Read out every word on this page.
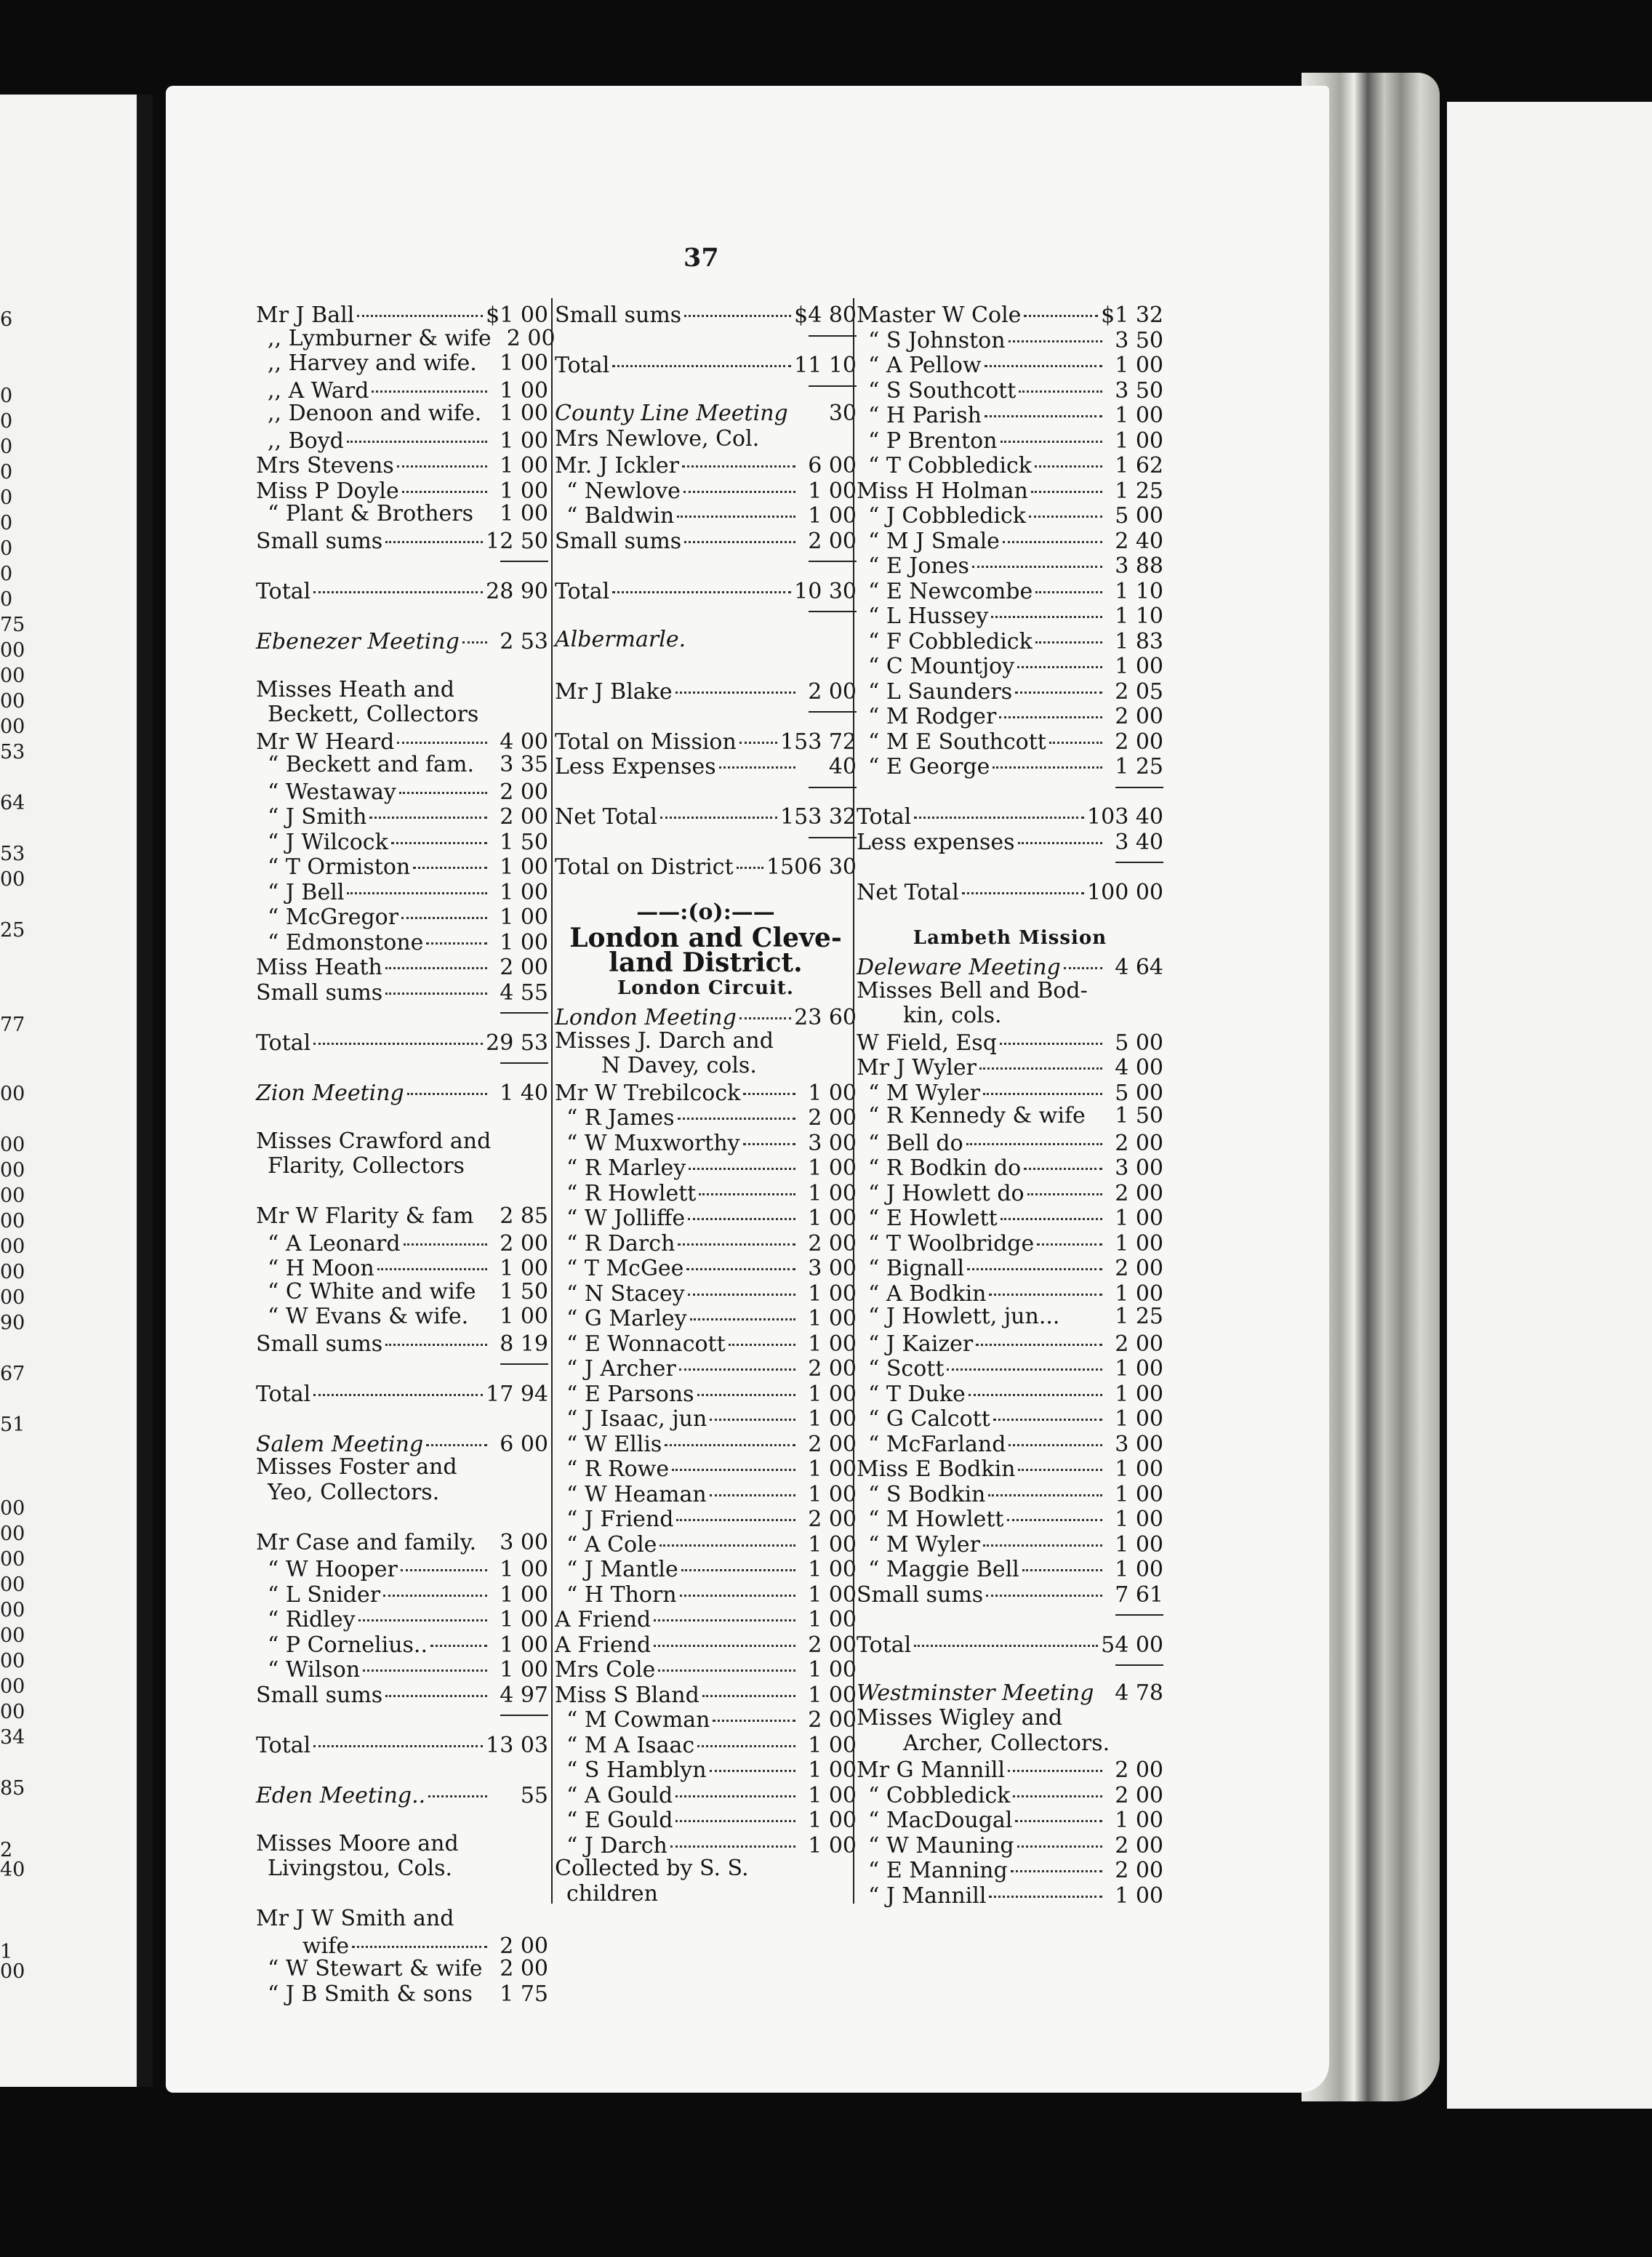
6
0
0
0
0
0
0
0
0
0
75
00
00
00
00
53
64
53
00
25
77
00
00
00
00
00
00
00
00
90
67
51
00
00
00
00
00
00
00
00
00
34
85
2 40
1 00
37
Mr J Ball	$1 00
,, Lymburner & wife 2 00
,, Harvey and wife.	1 00
,, A Ward	1 00
,, Denoon and wife. 1 00
,, Boyd	1 00
Mrs Stevens	1 00
Miss P Doyle	1 00
“ Plant & Brothers	1 00
Small sums	12 50
Total	28 90
Ebenezer Meeting	2 53
Misses Heath and
Beckett, Collectors
Mr W Heard	4 00
“ Beckett and fam.	3 35
“ Westaway	2 00
“ J Smith	2 00
“ J Wilcock	1 50
“ T Ormiston	1 00
“ J Bell	1 00
“ McGregor	1 00
“ Edmonstone	1 00
Miss Heath	2 00
Small sums	4 55
Total	29 53
Zion Meeting	1 40
Misses Crawford and
Flarity, Collectors
Mr W Flarity & fam	2 85
“ A Leonard	2 00
“ H Moon	1 00
“ C White and wife	1 50
“ W Evans & wife.	1 00
Small sums	8 19
Total	17 94
Salem Meeting	6 00
Misses Foster and
Yeo, Collectors.
Mr Case and family.	3 00
“ W Hooper	1 00
“ L Snider	1 00
“ Ridley	1 00
“ P Cornelius..	1 00
“ Wilson	1 00
Small sums	4 97
Total	13 03
Eden Meeting..	55
Misses Moore and
Livingstou, Cols.
Mr J W Smith and
wife	2 00
“ W Stewart & wife 2 00
“ J B Smith & sons	1 75
Small sums	$4 80
Total	11 10
County Line Meeting	30
Mrs Newlove, Col.
Mr. J Ickler	6 00
“ Newlove	1 00
“ Baldwin	1 00
Small sums	2 00
Total	10 30
Albermarle.
Mr J Blake	2 00
Total on Mission 153 72
Less Expenses	40
Net Total	153 32
Total on District 1506 30
——:(o):——
London and Cleve-
land District.
London Circuit.
London Meeting	23 60
Misses J. Darch and
N Davey, cols.
Mr W Trebilcock	1 00
“ R James	2 00
“ W Muxworthy	3 00
“ R Marley	1 00
“ R Howlett	1 00
“ W Jolliffe	1 00
“ R Darch	2 00
“ T McGee	3 00
“ N Stacey	1 00
“ G Marley	1 00
“ E Wonnacott	1 00
“ J Archer	2 00
“ E Parsons	1 00
“ J Isaac, jun	1 00
“ W Ellis	2 00
“ R Rowe	1 00
“ W Heaman	1 00
“ J Friend	2 00
“ A Cole	1 00
“ J Mantle	1 00
“ H Thorn	1 00
A Friend	1 00
A Friend	2 00
Mrs Cole	1 00
Miss S Bland	1 00
“ M Cowman	2 00
“ M A Isaac	1 00
“ S Hamblyn	1 00
“ A Gould	1 00
“ E Gould	1 00
“ J Darch	1 00
Collected by S. S.
children
Master W Cole	$1 32
“ S Johnston	3 50
“ A Pellow	1 00
“ S Southcott	3 50
“ H Parish	1 00
“ P Brenton	1 00
“ T Cobbledick	1 62
Miss H Holman	1 25
“ J Cobbledick	5 00
“ M J Smale	2 40
“ E Jones	3 88
“ E Newcombe	1 10
“ L Hussey	1 10
“ F Cobbledick	1 83
“ C Mountjoy	1 00
“ L Saunders	2 05
“ M Rodger	2 00
“ M E Southcott	2 00
“ E George	1 25
Total	103 40
Less expenses	3 40
Net Total	100 00
Lambeth Mission
Deleware Meeting	4 64
Misses Bell and Bod-
kin, cols.
W Field, Esq	5 00
Mr J Wyler	4 00
“ M Wyler	5 00
“ R Kennedy & wife	1 50
“ Bell do	2 00
“ R Bodkin do	3 00
“ J Howlett do	2 00
“ E Howlett	1 00
“ T Woolbridge	1 00
“ Bignall	2 00
“ A Bodkin	1 00
“ J Howlett, jun...	1 25
“ J Kaizer	2 00
“ Scott	1 00
“ T Duke	1 00
“ G Calcott	1 00
“ McFarland	3 00
Miss E Bodkin	1 00
“ S Bodkin	1 00
“ M Howlett	1 00
“ M Wyler	1 00
“ Maggie Bell	1 00
Small sums	7 61
Total	54 00
Westminster Meeting 4 78
Misses Wigley and
Archer, Collectors.
Mr G Mannill	2 00
“ Cobbledick	2 00
“ MacDougal	1 00
“ W Mauning	2 00
“ E Manning	2 00
“ J Mannill	1 00
